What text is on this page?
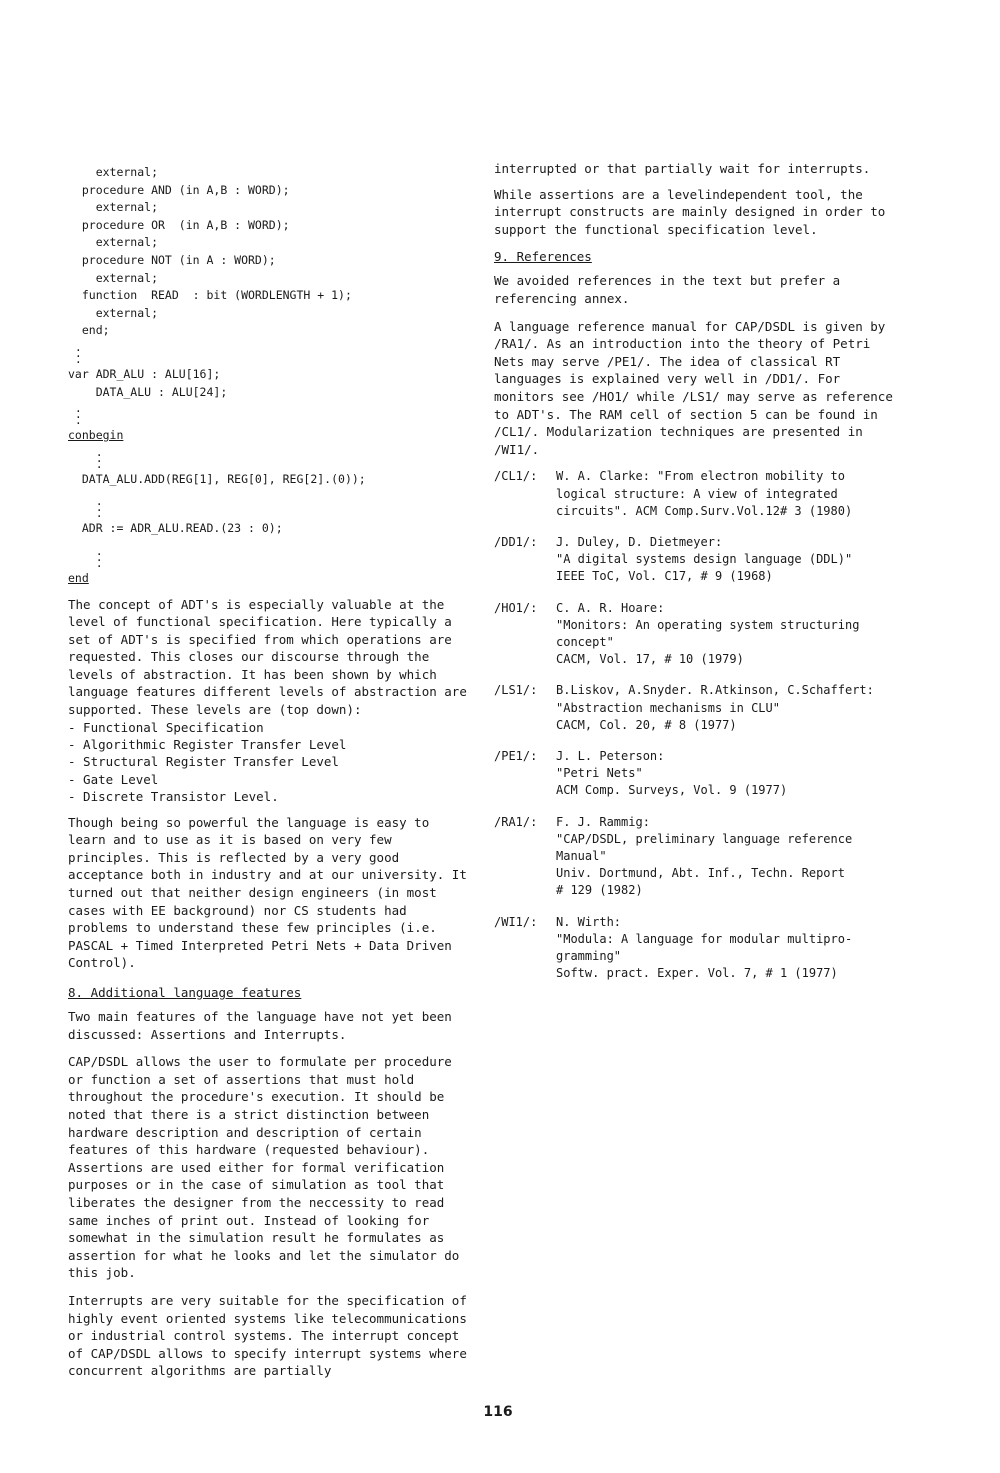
external;
procedure AND (in A,B : WORD);
external;
procedure OR  (in A,B : WORD);
external;
procedure NOT (in A : WORD);
external;
function  READ  : bit (WORDLENGTH + 1);
external;
end;
.
.
.
var ADR_ALU : ALU[16];
DATA_ALU : ALU[24];
.
.
.
conbegin
.
.
.
DATA_ALU.ADD(REG[1], REG[0], REG[2].(0));
.
.
.
ADR := ADR_ALU.READ.(23 : 0);
.
.
.
end

The concept of ADT's is especially valuable at the level of functional specification. Here typically a set of ADT's is specified from which operations are requested. This closes our discourse through the levels of abstraction. It has been shown by which language features different levels of abstraction are supported. These levels are (top down):

- Functional Specification
- Algorithmic Register Transfer Level
- Structural Register Transfer Level
- Gate Level
- Discrete Transistor Level.

Though being so powerful the language is easy to learn and to use as it is based on very few principles. This is reflected by a very good acceptance both in industry and at our university. It turned out that neither design engineers (in most cases with EE background) nor CS students had problems to understand these few principles (i.e. PASCAL + Timed Interpreted Petri Nets + Data Driven Control).

8. Additional language features

Two main features of the language have not yet been discussed: Assertions and Interrupts.

CAP/DSDL allows the user to formulate per procedure or function a set of assertions that must hold throughout the procedure's execution. It should be noted that there is a strict distinction between hardware description and description of certain features of this hardware (requested behaviour). Assertions are used either for formal verification purposes or in the case of simulation as tool that liberates the designer from the neccessity to read same inches of print out. Instead of looking for somewhat in the simulation result he formulates as assertion for what he looks and let the simulator do this job.

Interrupts are very suitable for the specification of highly event oriented systems like telecommunications or industrial control systems. The interrupt concept of CAP/DSDL allows to specify interrupt systems where concurrent algorithms are partially

interrupted or that partially wait for interrupts.

While assertions are a levelindependent tool, the interrupt constructs are mainly designed in order to support the functional specification level.

9. References

We avoided references in the text but prefer a referencing annex.

A language reference manual for CAP/DSDL is given by /RA1/. As an introduction into the theory of Petri Nets may serve /PE1/. The idea of classical RT languages is explained very well in /DD1/. For monitors see /HO1/ while /LS1/ may serve as reference to ADT's. The RAM cell of section 5 can be found in /CL1/. Modularization techniques are presented in /WI1/.

/CL1/:	W. A. Clarke: "From electron mobility to
logical structure: A view of integrated
circuits". ACM Comp.Surv.Vol.12# 3 (1980)
/DD1/:	J. Duley, D. Dietmeyer:
"A digital systems design language (DDL)"
IEEE ToC, Vol. C17, # 9 (1968)
/HO1/:	C. A. R. Hoare:
"Monitors: An operating system structuring
concept"
CACM, Vol. 17, # 10 (1979)
/LS1/:	B.Liskov, A.Snyder. R.Atkinson, C.Schaffert:
"Abstraction mechanisms in CLU"
CACM, Col. 20, # 8 (1977)
/PE1/:	J. L. Peterson:
"Petri Nets"
ACM Comp. Surveys, Vol. 9 (1977)
/RA1/:	F. J. Rammig:
"CAP/DSDL, preliminary language reference
Manual"
Univ. Dortmund, Abt. Inf., Techn. Report
# 129 (1982)
/WI1/:	N. Wirth:
"Modula: A language for modular multipro-
gramming"
Softw. pract. Exper. Vol. 7, # 1 (1977)
116
